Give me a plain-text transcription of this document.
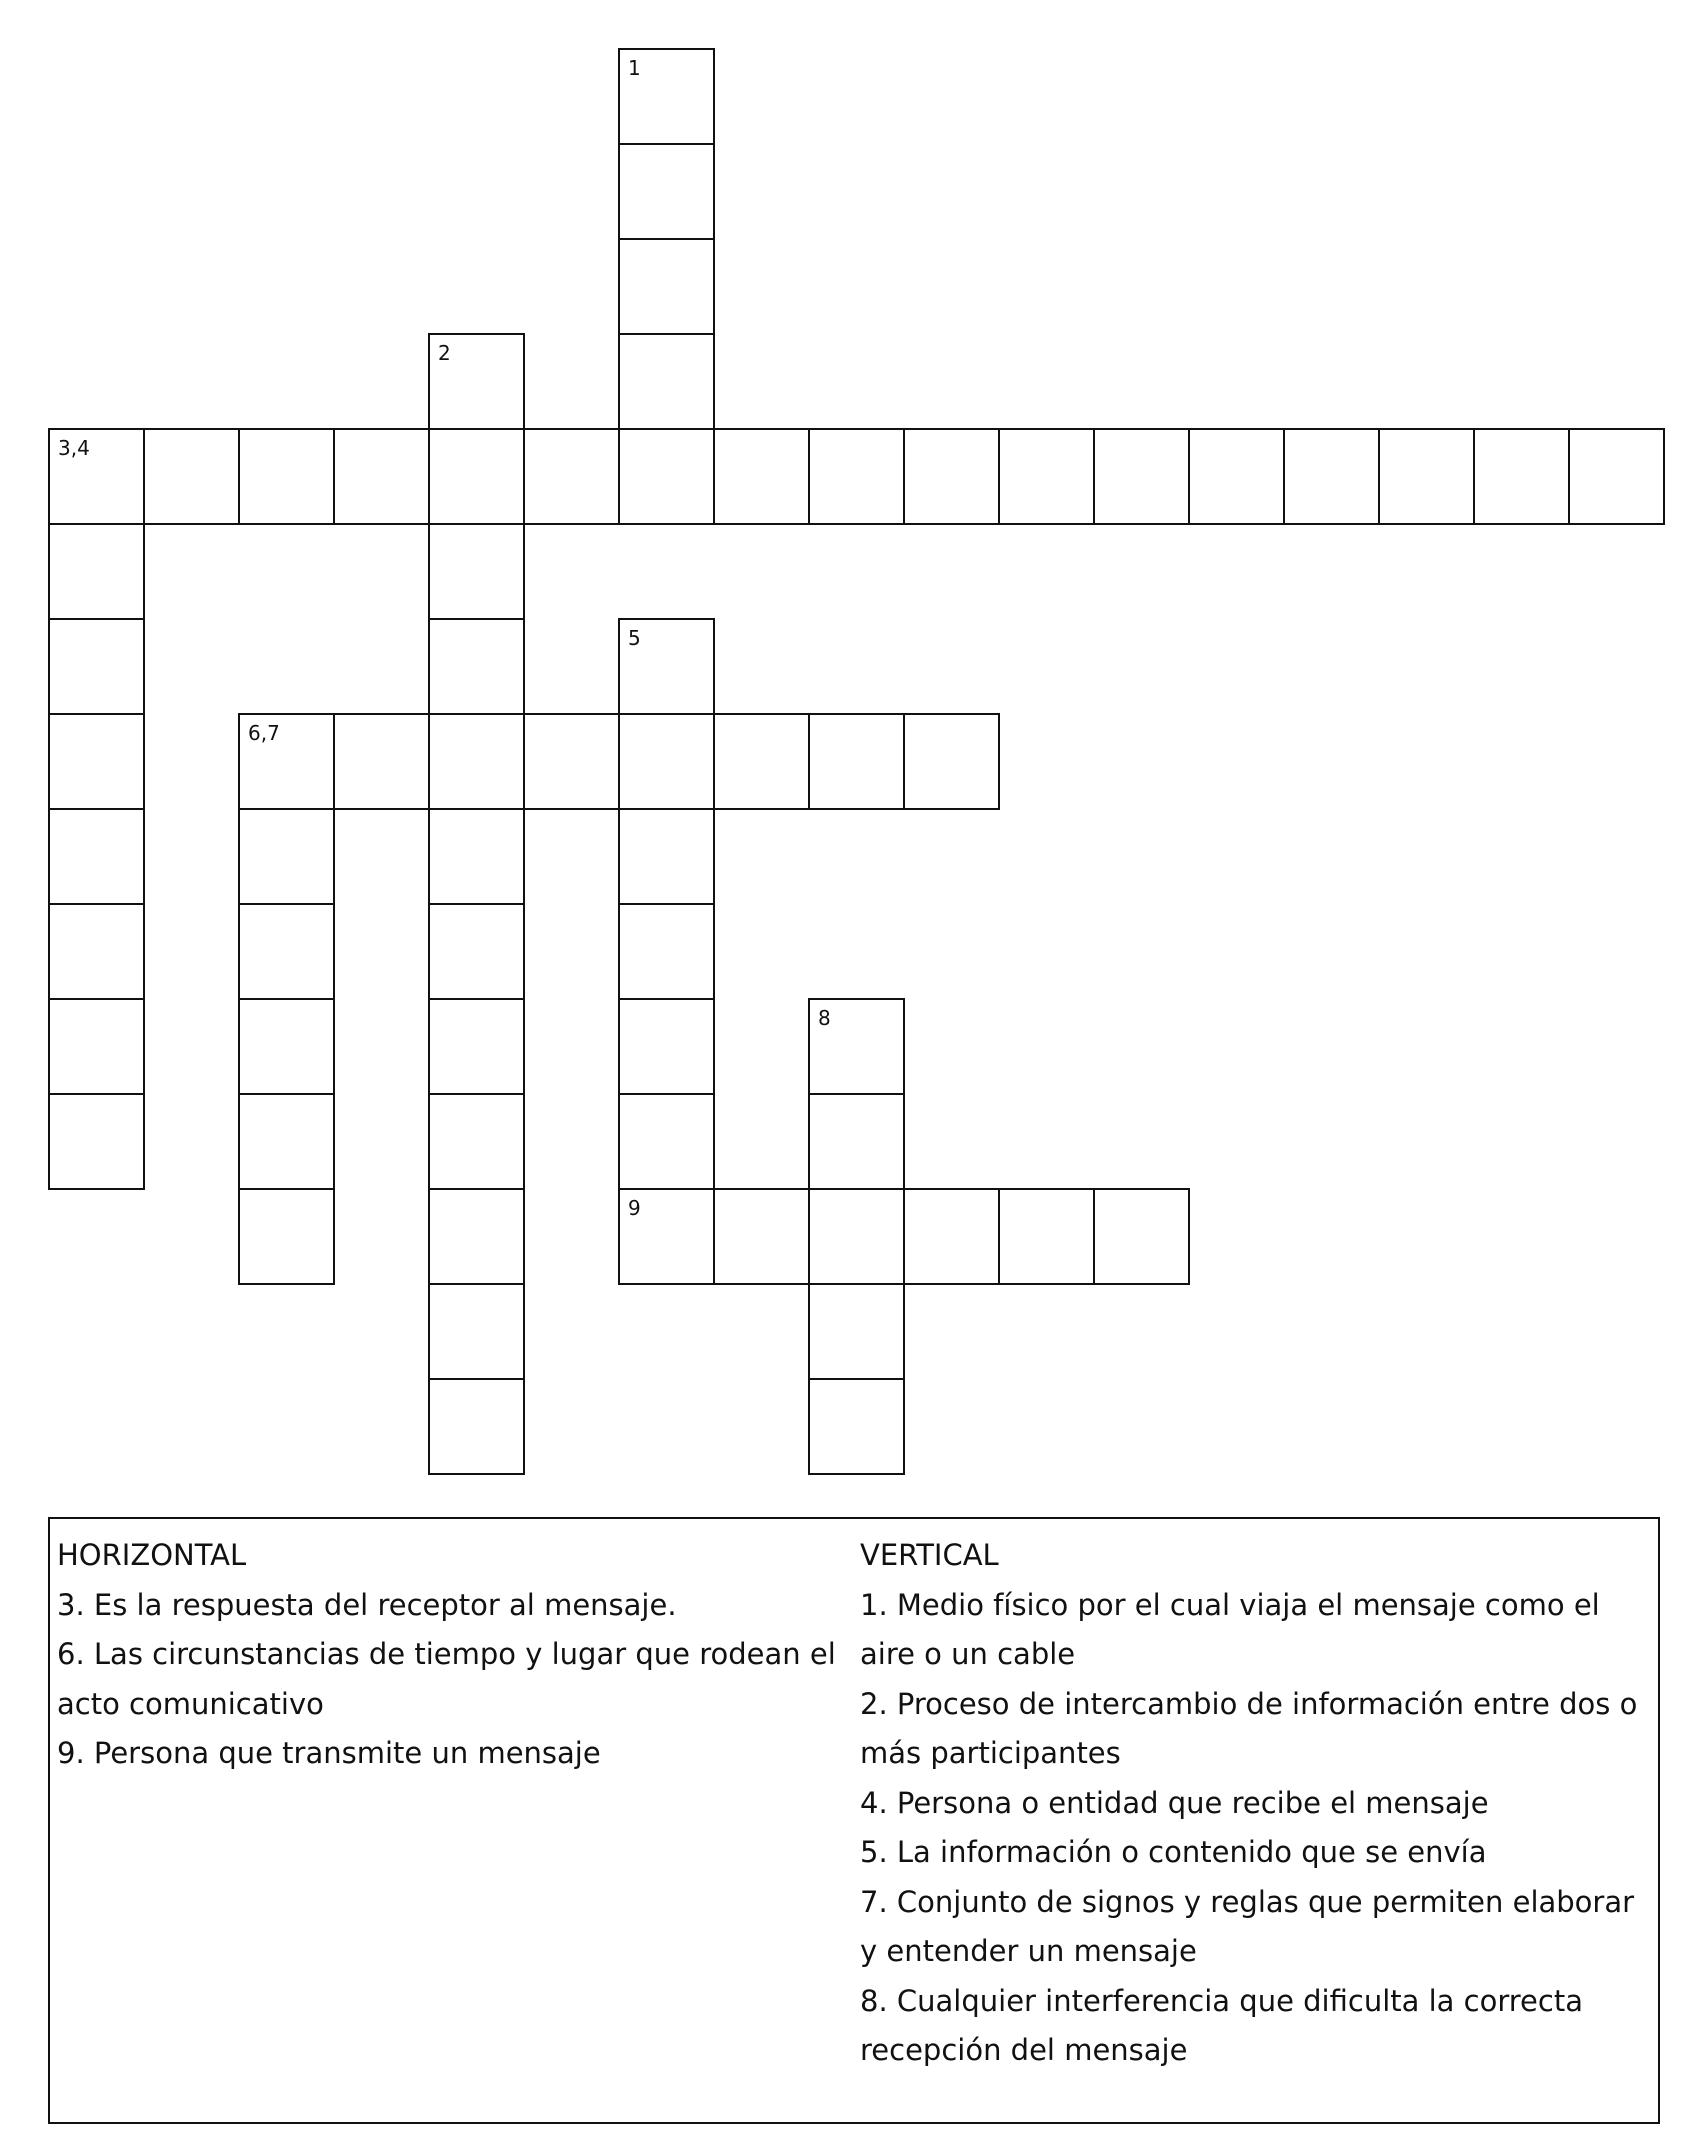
1
2
3,4
5
6,7
8
9
HORIZONTAL
3. Es la respuesta del receptor al mensaje.
6. Las circunstancias de tiempo y lugar que rodean el acto comunicativo
9. Persona que transmite un mensaje
VERTICAL
1. Medio físico por el cual viaja el mensaje como el aire o un cable
2. Proceso de intercambio de información entre dos o más participantes
4. Persona o entidad que recibe el mensaje
5. La información o contenido que se envía
7. Conjunto de signos y reglas que permiten elaborar y entender un mensaje
8. Cualquier interferencia que dificulta la correcta recepción del mensaje
